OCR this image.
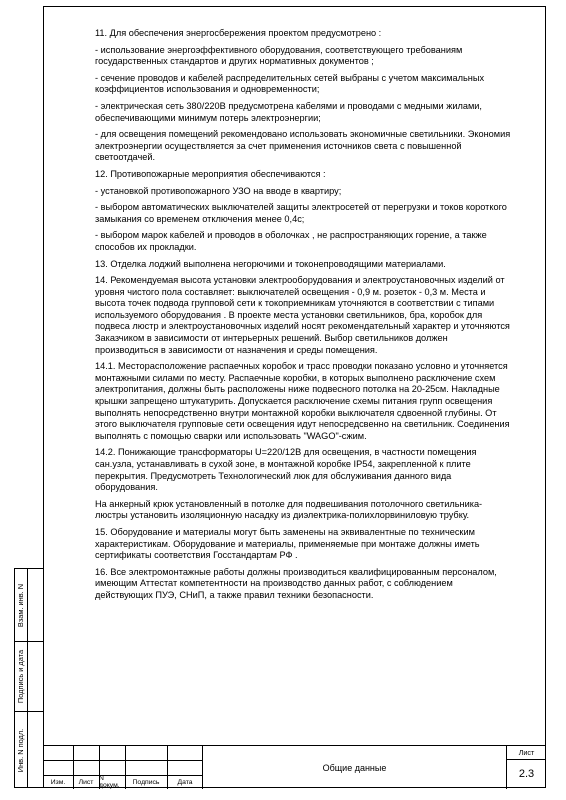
11. Для обеспечения энергосбережения проектом предусмотрено :

- использование энергоэффективного оборудования, соответствующего требованиям государственных стандартов и других нормативных документов ;

- сечение проводов и кабелей распределительных сетей выбраны с учетом максимальных коэффициентов использования и одновременности;

- электрическая сеть 380/220В предусмотрена кабелями и проводами с медными жилами, обеспечивающими минимум потерь электроэнергии;

- для освещения помещений рекомендовано использовать экономичные светильники. Экономия электроэнергии осуществляется за счет применения источников света с повышенной светоотдачей.

12. Противопожарные мероприятия обеспечиваются :

- установкой противопожарного УЗО на вводе в квартиру;

- выбором автоматических выключателей защиты электросетей от перегрузки и токов короткого замыкания со временем отключения менее 0,4с;

- выбором марок кабелей и проводов в оболочках , не распространяющих горение, а также способов их прокладки.

13. Отделка лоджий выполнена негорючими и токонепроводящими материалами.

14. Рекомендуемая высота установки электрооборудования и электроустановочных изделий от уровня чистого пола составляет: выключателей освещения - 0,9 м. розеток - 0,3 м. Места и высота точек подвода групповой сети к токоприемникам уточняются в соответствии с типами используемого оборудования . В проекте места установки светильников, бра, коробок для подвеса люстр и электроустановочных изделий носят рекомендательный характер и уточняются Заказчиком в зависимости от интерьерных решений. Выбор светильников должен производиться в зависимости от назначения и среды помещения.

14.1. Месторасположение распаечных коробок и трасс проводки показано условно и уточняется монтажными силами по месту. Распаечные коробки, в которых выполнено расключение схем электропитания, должны быть расположены ниже подвесного потолка на 20-25см. Накладные крышки запрещено штукатурить. Допускается расключение схемы питания групп освещения выполнять непосредственно внутри монтажной коробки выключателя сдвоенной глубины. От этого выключателя групповые сети освещения идут непосредсвенно на светильник. Соединения выполнять с помощью сварки или использовать "WAGO"-сжим.

14.2. Понижающие трансформаторы U=220/12В для освещения, в частности помещения сан.узла, устанавливать в сухой зоне, в монтажной коробке IP54, закрепленной к плите перекрытия. Предусмотреть Технологический люк для обслуживания данного вида оборудования.

На анкерный крюк установленный в потолке для подвешивания потолочного светильника-люстры установить изоляционную насадку из диэлектрика-полихлорвиниловую трубку.

15. Оборудование и материалы могут быть заменены на эквивалентные по техническим характеристикам. Оборудование и материалы, применяемые при монтаже должны иметь сертификаты соответствия Госстандартам РФ .

16. Все электромонтажные работы должны производиться квалифицированным персоналом, имеющим Аттестат компетентности на производство данных работ, с соблюдением действующих ПУЭ, СНиП, а также правил техники безопасности.

Взам. инв. N
Подпись и дата
Инв. N подл.
Изм.	Лист N докум.	Подпись	Дата
Общие данные
Лист
2.3
